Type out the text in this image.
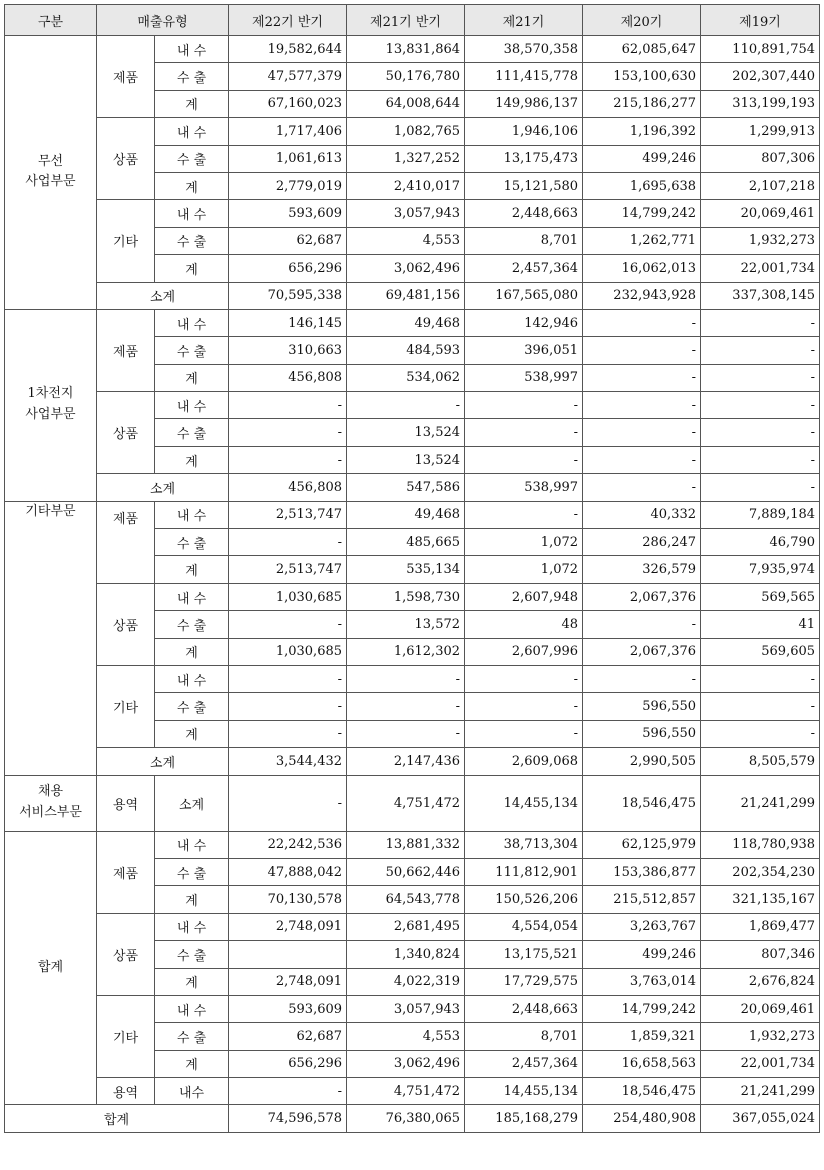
구분	매출유형		제22기 반기	제21기 반기	제21기	제20기	제19기
무선
사업부문	제품	내 수	19,582,644	13,831,864	38,570,358	62,085,647	110,891,754
		수 출	47,577,379	50,176,780	111,415,778	153,100,630	202,307,440
		계	67,160,023	64,008,644	149,986,137	215,186,277	313,199,193
	상품	내 수	1,717,406	1,082,765	1,946,106	1,196,392	1,299,913
		수 출	1,061,613	1,327,252	13,175,473	499,246	807,306
		계	2,779,019	2,410,017	15,121,580	1,695,638	2,107,218
	기타	내 수	593,609	3,057,943	2,448,663	14,799,242	20,069,461
		수 출	62,687	4,553	8,701	1,262,771	1,932,273
		계	656,296	3,062,496	2,457,364	16,062,013	22,001,734
	소계		70,595,338	69,481,156	167,565,080	232,943,928	337,308,145
1차전지
사업부문	제품	내 수	146,145	49,468	142,946	-	-
		수 출	310,663	484,593	396,051	-	-
		계	456,808	534,062	538,997	-	-
	상품	내 수	-	-	-	-	-
		수 출	-	13,524	-	-	-
		계	-	13,524	-	-	-
	소계		456,808	547,586	538,997	-	-
기타부문	제품	내 수	2,513,747	49,468	-	40,332	7,889,184
		수 출	-	485,665	1,072	286,247	46,790
		계	2,513,747	535,134	1,072	326,579	7,935,974
	상품	내 수	1,030,685	1,598,730	2,607,948	2,067,376	569,565
		수 출	-	13,572	48	-	41
		계	1,030,685	1,612,302	2,607,996	2,067,376	569,605
	기타	내 수	-	-	-	-	-
		수 출	-	-	-	596,550	-
		계	-	-	-	596,550	-
	소계		3,544,432	2,147,436	2,609,068	2,990,505	8,505,579
채용
서비스부문	용역	소계	-	4,751,472	14,455,134	18,546,475	21,241,299
합계	제품	내 수	22,242,536	13,881,332	38,713,304	62,125,979	118,780,938
		수 출	47,888,042	50,662,446	111,812,901	153,386,877	202,354,230
		계	70,130,578	64,543,778	150,526,206	215,512,857	321,135,167
	상품	내 수	2,748,091	2,681,495	4,554,054	3,263,767	1,869,477
		수 출		1,340,824	13,175,521	499,246	807,346
		계	2,748,091	4,022,319	17,729,575	3,763,014	2,676,824
	기타	내 수	593,609	3,057,943	2,448,663	14,799,242	20,069,461
		수 출	62,687	4,553	8,701	1,859,321	1,932,273
		계	656,296	3,062,496	2,457,364	16,658,563	22,001,734
	용역	내수	-	4,751,472	14,455,134	18,546,475	21,241,299
합계			74,596,578	76,380,065	185,168,279	254,480,908	367,055,024
